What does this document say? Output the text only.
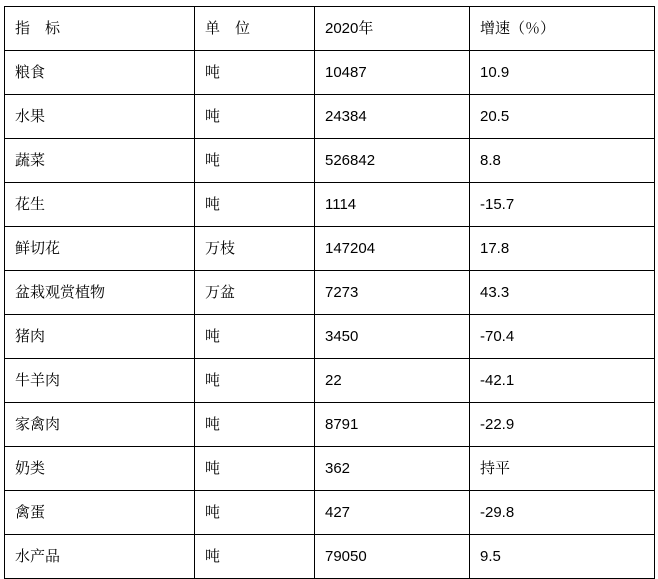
指　标	单　位	2020年	增速（％）
粮食	吨	10487	10.9
水果	吨	24384	20.5
蔬菜	吨	526842	8.8
花生	吨	1114	-15.7
鲜切花	万枝	147204	17.8
盆栽观赏植物	万盆	7273	43.3
猪肉	吨	3450	-70.4
牛羊肉	吨	22	-42.1
家禽肉	吨	8791	-22.9
奶类	吨	362	持平
禽蛋	吨	427	-29.8
水产品	吨	79050	9.5
